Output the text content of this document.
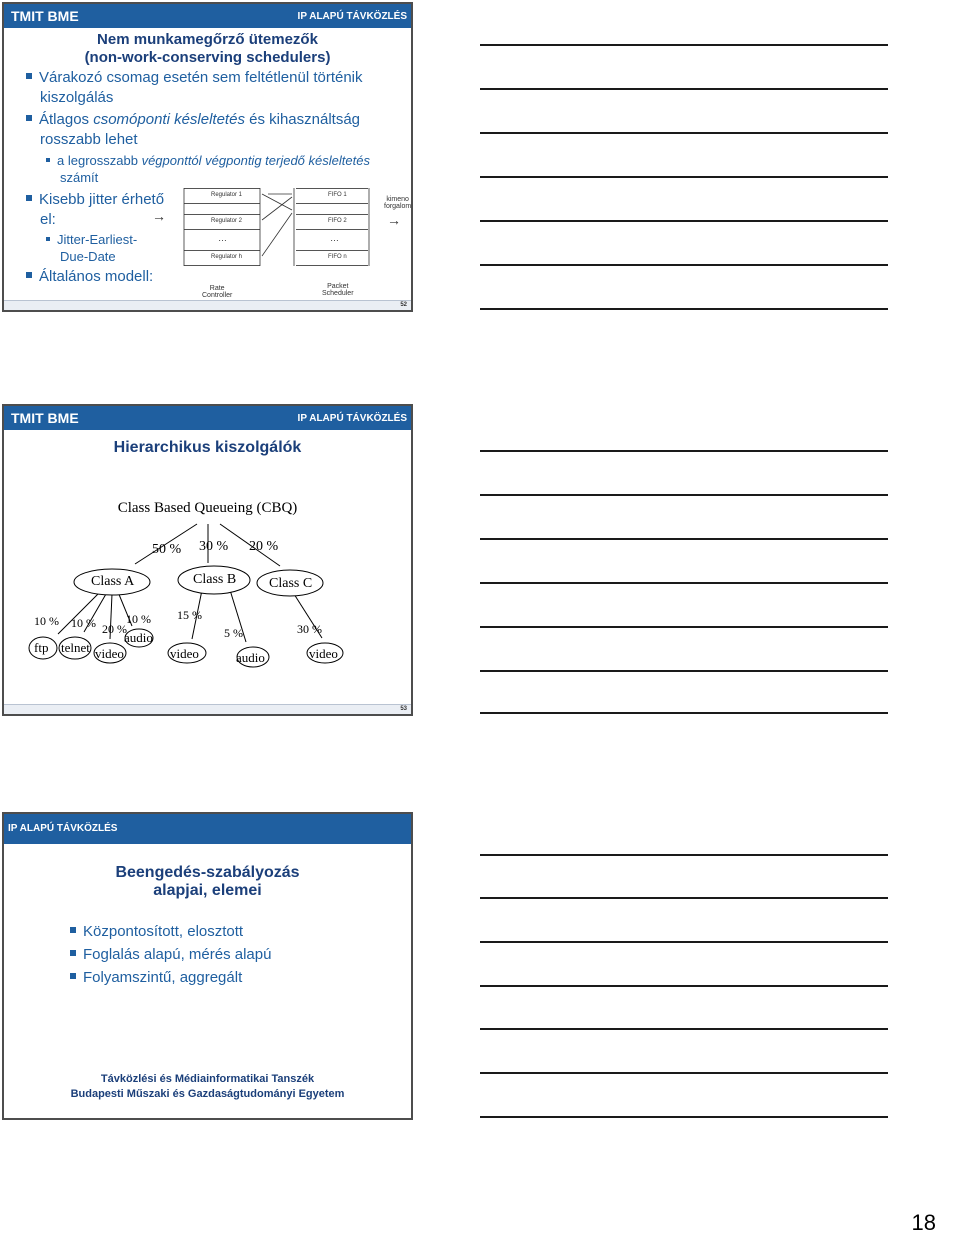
TMIT BME	IP ALAPÚ TÁVKÖZLÉS
Nem munkamegőrző ütemezők
(non-work-conserving schedulers)
Várakozó csomag esetén sem feltétlenül történik kiszolgálás
Átlagos csomóponti késleltetés és kihasználtság rosszabb lehet
a legrosszabb végponttól végpontig terjedő késleltetés számít
Kisebb jitter érhető el:
Jitter-Earliest-Due-Date
Általános modell:
→
Regulator 1
Regulator 2
…
Regulator h
Rate
Controller
FIFO 1
FIFO 2
…
FIFO n
Packet
Scheduler
kimeno
forgalom
→
52
TMIT BME	IP ALAPÚ TÁVKÖZLÉS
Hierarchikus kiszolgálók
Class Based Queueing (CBQ)
50 % 30 % 20 %
Class A	Class B Class C
10 %
ftp
10 %
telnet
20 %
video
10 %
audio
15 %
video
5 %
audio
30 %
video
53
IP ALAPÚ TÁVKÖZLÉS
Beengedés-szabályozás
alapjai, elemei
Központosított, elosztott
Foglalás alapú, mérés alapú
Folyamszintű, aggregált
Távközlési és Médiainformatikai Tanszék
Budapesti Műszaki és Gazdaságtudományi Egyetem
18
